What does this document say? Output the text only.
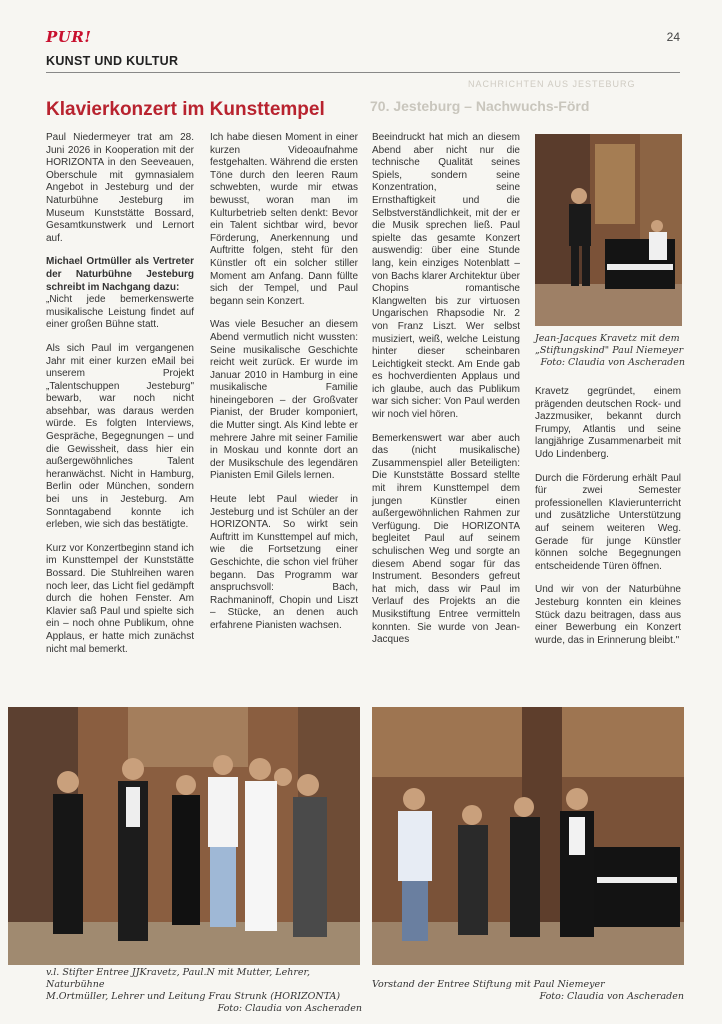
PUR!	24
KUNST UND KULTUR
NACHRICHTEN AUS JESTEBURG
70. Jesteburg – Nachwuchs-Förd
Klavierkonzert im Kunsttempel

Paul Niedermeyer trat am 28. Juni 2026 in Kooperation mit der HORIZONTA in den Seeveauen, Oberschule mit gymnasialem Angebot in Jesteburg und der Naturbühne Jesteburg im Museum Kunststätte Bossard, Gesamtkunstwerk und Lernort auf.

Michael Ortmüller als Vertreter der Naturbühne Jesteburg schreibt im Nachgang dazu:

„Nicht jede bemerkenswerte musikalische Leistung findet auf einer großen Bühne statt.

Als sich Paul im vergangenen Jahr mit einer kurzen eMail bei unserem Projekt „Talentschuppen Jesteburg" bewarb, war noch nicht absehbar, was daraus werden würde. Es folgten Interviews, Gespräche, Begegnungen – und die Gewissheit, dass hier ein außergewöhnliches Talent heranwächst. Nicht in Hamburg, Berlin oder München, sondern bei uns in Jesteburg. Am Sonntagabend konnte ich erleben, wie sich das bestätigte.

Kurz vor Konzertbeginn stand ich im Kunsttempel der Kunststätte Bossard. Die Stuhlreihen waren noch leer, das Licht fiel gedämpft durch die hohen Fenster. Am Klavier saß Paul und spielte sich ein – noch ohne Publikum, ohne Applaus, er hatte mich zunächst nicht mal bemerkt.

Ich habe diesen Moment in einer kurzen Videoaufnahme festgehalten. Während die ersten Töne durch den leeren Raum schwebten, wurde mir etwas bewusst, woran man im Kulturbetrieb selten denkt: Bevor ein Talent sichtbar wird, bevor Förderung, Anerkennung und Auftritte folgen, steht für den Künstler oft ein solcher stiller Moment am Anfang. Dann füllte sich der Tempel, und Paul begann sein Konzert.

Was viele Besucher an diesem Abend vermutlich nicht wussten: Seine musikalische Geschichte reicht weit zurück. Er wurde im Januar 2010 in Hamburg in eine musikalische Familie hineingeboren – der Großvater Pianist, der Bruder komponiert, die Mutter singt. Als Kind lebte er mehrere Jahre mit seiner Familie in Moskau und konnte dort an der Musikschule des legendären Pianisten Emil Gilels lernen.

Heute lebt Paul wieder in Jesteburg und ist Schüler an der HORIZONTA. So wirkt sein Auftritt im Kunsttempel auf mich, wie die Fortsetzung einer Geschichte, die schon viel früher begann. Das Programm war anspruchsvoll: Bach, Rachmaninoff, Chopin und Liszt – Stücke, an denen auch erfahrene Pianisten wachsen.

Beeindruckt hat mich an diesem Abend aber nicht nur die technische Qualität seines Spiels, sondern seine Konzentration, seine Ernsthaftigkeit und die Selbstverständlichkeit, mit der er die Musik sprechen ließ. Paul spielte das gesamte Konzert auswendig: über eine Stunde lang, kein einziges Notenblatt – von Bachs klarer Architektur über Chopins romantische Klangwelten bis zur virtuosen Ungarischen Rhapsodie Nr. 2 von Franz Liszt. Wer selbst musiziert, weiß, welche Leistung hinter dieser scheinbaren Leichtigkeit steckt. Am Ende gab es hochverdienten Applaus und ich glaube, auch das Publikum war sich sicher: Von Paul werden wir noch viel hören.

Bemerkenswert war aber auch das (nicht musikalische) Zusammenspiel aller Beteiligten: Die Kunststätte Bossard stellte mit ihrem Kunsttempel dem jungen Künstler einen außergewöhnlichen Rahmen zur Verfügung. Die HORIZONTA begleitet Paul auf seinem schulischen Weg und sorgte an diesem Abend sogar für das Instrument. Besonders gefreut hat mich, dass wir Paul im Verlauf des Projekts an die Musikstiftung Entree vermitteln konnten. Sie wurde von Jean-Jacques

Jean-Jacques Kravetz mit dem
„Stiftungskind" Paul Niemeyer
Foto: Claudia von Ascheraden

Kravetz gegründet, einem prägenden deutschen Rock- und Jazzmusiker, bekannt durch Frumpy, Atlantis und seine langjährige Zusammenarbeit mit Udo Lindenberg.

Durch die Förderung erhält Paul für zwei Semester professionellen Klavierunterricht und zusätzliche Unterstützung auf seinem weiteren Weg. Gerade für junge Künstler können solche Begegnungen entscheidende Türen öffnen.

Und wir von der Naturbühne Jesteburg konnten ein kleines Stück dazu beitragen, dass aus einer Bewerbung ein Konzert wurde, das in Erinnerung bleibt."

v.l. Stifter Entree JJKravetz, Paul.N mit Mutter, Lehrer, Naturbühne
M.Ortmüller, Lehrer und Leitung Frau Strunk (HORIZONTA)
Foto: Claudia von Ascheraden
Vorstand der Entree Stiftung mit Paul Niemeyer
Foto: Claudia von Ascheraden
